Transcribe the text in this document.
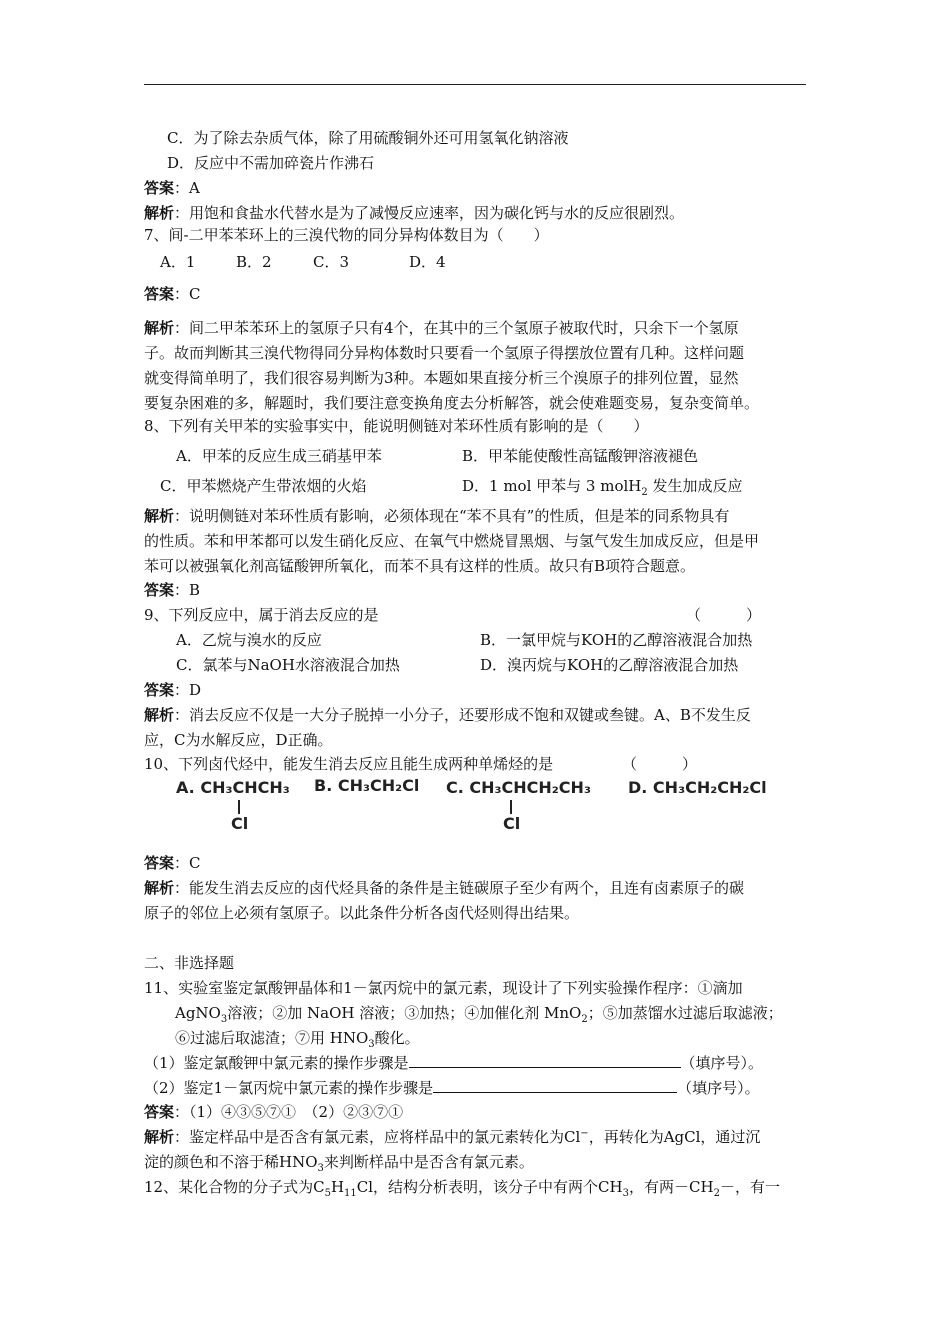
C．为了除去杂质气体，除了用硫酸铜外还可用氢氧化钠溶液
D．反应中不需加碎瓷片作沸石
答案：A
解析：用饱和食盐水代替水是为了减慢反应速率，因为碳化钙与水的反应很剧烈。
7、间-二甲苯苯环上的三溴代物的同分异构体数目为（　　）
A．1	B．2	C．3	D．4
答案：C
解析：间二甲苯苯环上的氢原子只有4个，在其中的三个氢原子被取代时，只余下一个氢原
子。故而判断其三溴代物得同分异构体数时只要看一个氢原子得摆放位置有几种。这样问题
就变得简单明了，我们很容易判断为3种。本题如果直接分析三个溴原子的排列位置，显然
要复杂困难的多，解题时，我们要注意变换角度去分析解答，就会使难题变易，复杂变简单。
8、下列有关甲苯的实验事实中，能说明侧链对苯环性质有影响的是（　　）
A．甲苯的反应生成三硝基甲苯	B．甲苯能使酸性高锰酸钾溶液褪色
C．甲苯燃烧产生带浓烟的火焰	D．1 mol 甲苯与 3 molH$_2$ 发生加成反应
解析：说明侧链对苯环性质有影响，必须体现在“苯不具有”的性质，但是苯的同系物具有
的性质。苯和甲苯都可以发生硝化反应、在氧气中燃烧冒黑烟、与氢气发生加成反应，但是甲
苯可以被强氧化剂高锰酸钾所氧化，而苯不具有这样的性质。故只有B项符合题意。
答案：B
9、下列反应中，属于消去反应的是	（　　　）
A．乙烷与溴水的反应	B．一氯甲烷与KOH的乙醇溶液混合加热
C．氯苯与NaOH水溶液混合加热	D．溴丙烷与KOH的乙醇溶液混合加热
答案：D
解析：消去反应不仅是一大分子脱掉一小分子，还要形成不饱和双键或叁键。A、B不发生反
应，C为水解反应，D正确。
10、下列卤代烃中，能发生消去反应且能生成两种单烯烃的是	（　　　）
A. CH₃CHCH₃
Cl
B. CH₃CH₂Cl C. CH₃CHCH₂CH₃
Cl
D. CH₃CH₂CH₂Cl
答案：C
解析：能发生消去反应的卤代烃具备的条件是主链碳原子至少有两个，且连有卤素原子的碳
原子的邻位上必须有氢原子。以此条件分析各卤代烃则得出结果。
二、非选择题
11、实验室鉴定氯酸钾晶体和1－氯丙烷中的氯元素，现设计了下列实验操作程序：①滴加
AgNO$_3$溶液；②加 NaOH 溶液；③加热；④加催化剂 MnO$_2$；⑤加蒸馏水过滤后取滤液；
⑥过滤后取滤渣；⑦用 $HNO_3$酸化。
（1）鉴定氯酸钾中氯元素的操作步骤是	（填序号）。
（2）鉴定1－氯丙烷中氯元素的操作步骤是	（填序号）。
答案：（1）④③⑤⑦①　（2）②③⑦①
解析：鉴定样品中是否含有氯元素，应将样品中的氯元素转化为Cl−，再转化为AgCl，通过沉
淀的颜色和不溶于稀$HNO_3$来判断样品中是否含有氯元素。
12、某化合物的分子式为$C_5H_{11}Cl$，结构分析表明，该分子中有两个$CH_3$，有两$-CH_2-$，有一
